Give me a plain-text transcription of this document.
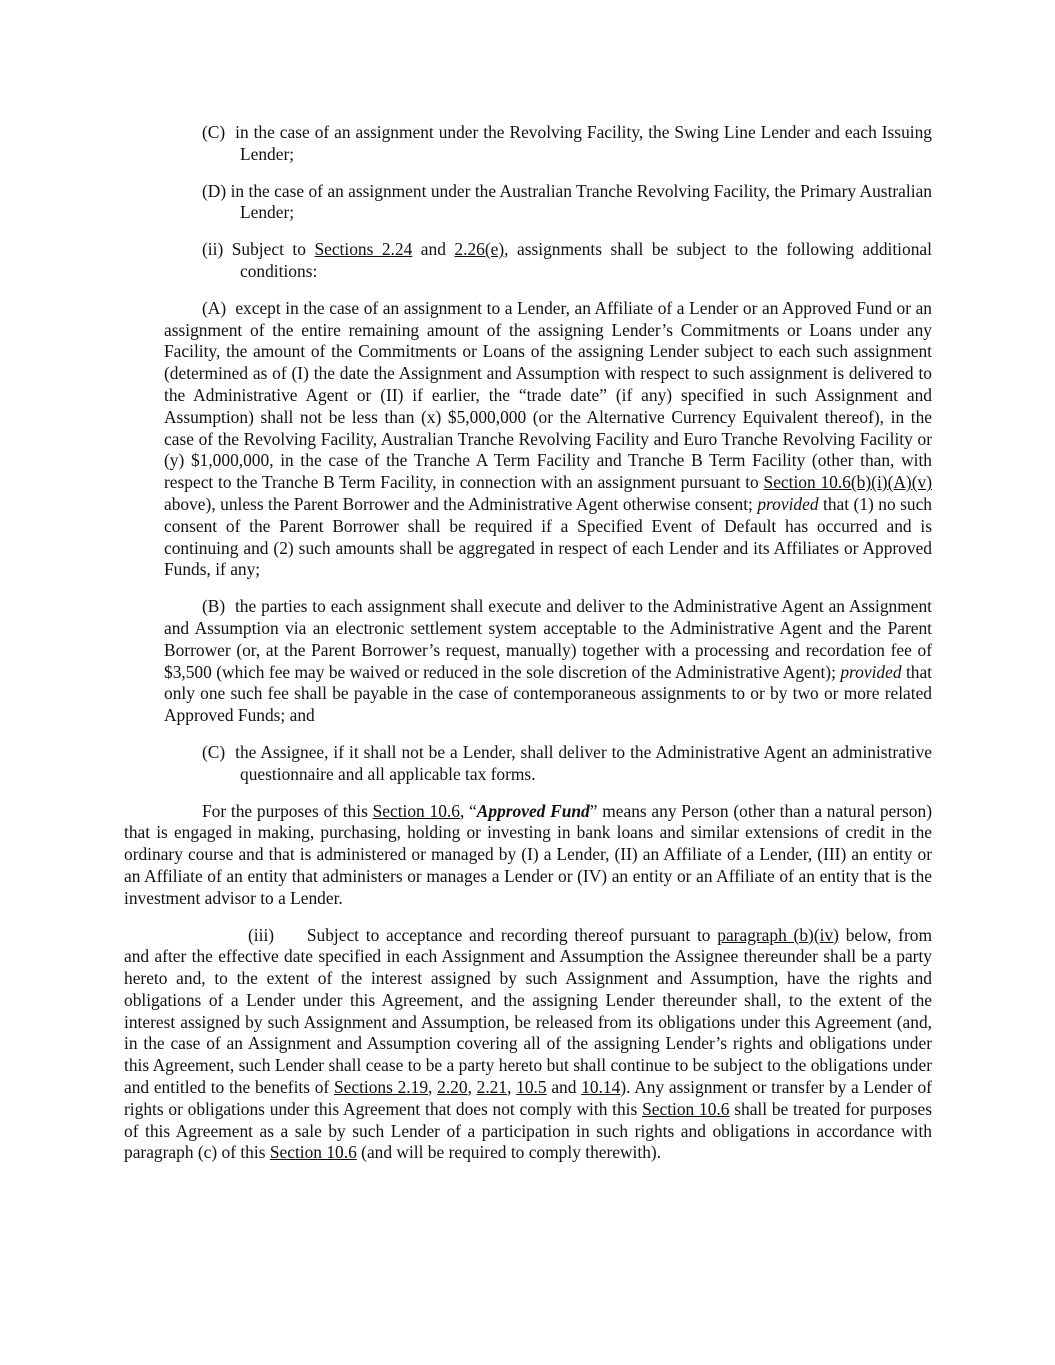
(C) in the case of an assignment under the Revolving Facility, the Swing Line Lender and each Issuing Lender;

(D) in the case of an assignment under the Australian Tranche Revolving Facility, the Primary Australian Lender;

(ii) Subject to Sections 2.24 and 2.26(e), assignments shall be subject to the following additional conditions:

(A) except in the case of an assignment to a Lender, an Affiliate of a Lender or an Approved Fund or an assignment of the entire remaining amount of the assigning Lender’s Commitments or Loans under any Facility, the amount of the Commitments or Loans of the assigning Lender subject to each such assignment (determined as of (I) the date the Assignment and Assumption with respect to such assignment is delivered to the Administrative Agent or (II) if earlier, the “trade date” (if any) specified in such Assignment and Assumption) shall not be less than (x) $5,000,000 (or the Alternative Currency Equivalent thereof), in the case of the Revolving Facility, Australian Tranche Revolving Facility and Euro Tranche Revolving Facility or (y) $1,000,000, in the case of the Tranche A Term Facility and Tranche B Term Facility (other than, with respect to the Tranche B Term Facility, in connection with an assignment pursuant to Section 10.6(b)(i)(A)(v) above), unless the Parent Borrower and the Administrative Agent otherwise consent; provided that (1) no such consent of the Parent Borrower shall be required if a Specified Event of Default has occurred and is continuing and (2) such amounts shall be aggregated in respect of each Lender and its Affiliates or Approved Funds, if any;

(B) the parties to each assignment shall execute and deliver to the Administrative Agent an Assignment and Assumption via an electronic settlement system acceptable to the Administrative Agent and the Parent Borrower (or, at the Parent Borrower’s request, manually) together with a processing and recordation fee of $3,500 (which fee may be waived or reduced in the sole discretion of the Administrative Agent); provided that only one such fee shall be payable in the case of contemporaneous assignments to or by two or more related Approved Funds; and

(C) the Assignee, if it shall not be a Lender, shall deliver to the Administrative Agent an administrative questionnaire and all applicable tax forms.

For the purposes of this Section 10.6, “Approved Fund” means any Person (other than a natural person) that is engaged in making, purchasing, holding or investing in bank loans and similar extensions of credit in the ordinary course and that is administered or managed by (I) a Lender, (II) an Affiliate of a Lender, (III) an entity or an Affiliate of an entity that administers or manages a Lender or (IV) an entity or an Affiliate of an entity that is the investment advisor to a Lender.

(iii) Subject to acceptance and recording thereof pursuant to paragraph (b)(iv) below, from and after the effective date specified in each Assignment and Assumption the Assignee thereunder shall be a party hereto and, to the extent of the interest assigned by such Assignment and Assumption, have the rights and obligations of a Lender under this Agreement, and the assigning Lender thereunder shall, to the extent of the interest assigned by such Assignment and Assumption, be released from its obligations under this Agreement (and, in the case of an Assignment and Assumption covering all of the assigning Lender’s rights and obligations under this Agreement, such Lender shall cease to be a party hereto but shall continue to be subject to the obligations under and entitled to the benefits of Sections 2.19, 2.20, 2.21, 10.5 and 10.14). Any assignment or transfer by a Lender of rights or obligations under this Agreement that does not comply with this Section 10.6 shall be treated for purposes of this Agreement as a sale by such Lender of a participation in such rights and obligations in accordance with paragraph (c) of this Section 10.6 (and will be required to comply therewith).
